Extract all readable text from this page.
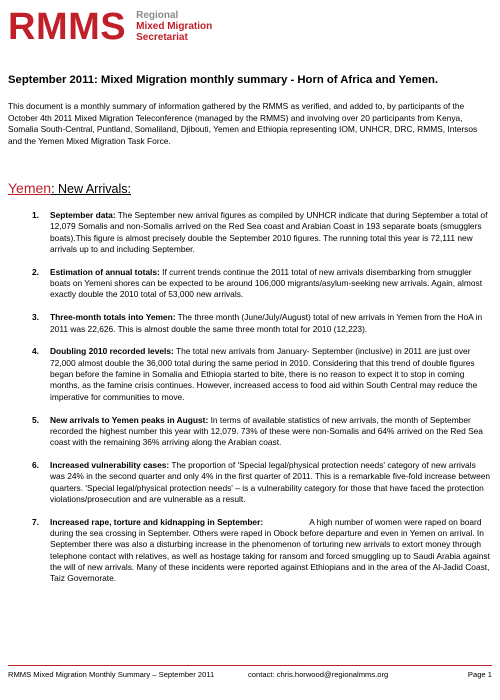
RMMS Regional
Mixed Migration
Secretariat
September 2011: Mixed Migration monthly summary - Horn of Africa and Yemen.
This document is a monthly summary of information gathered by the RMMS as verified, and added to, by participants of the October 4th 2011 Mixed Migration Teleconference (managed by the RMMS) and involving over 20 participants from Kenya, Somalia South-Central, Puntland, Somaliland, Djibouti, Yemen and Ethiopia representing IOM, UNHCR, DRC, RMMS, Intersos and the Yemen Mixed Migration Task Force.
Yemen: New Arrivals:
1.	September data: The September new arrival figures as compiled by UNHCR indicate that during September a total of 12,079 Somalis and non-Somalis arrived on the Red Sea coast and Arabian Coast in 193 separate boats (smugglers boats).This figure is almost precisely double the September 2010 figures. The running total this year is 72,111 new arrivals up to and including September.
2.	Estimation of annual totals: If current trends continue the 2011 total of new arrivals disembarking from smuggler boats on Yemeni shores can be expected to be around 106,000 migrants/asylum-seeking new arrivals. Again, almost exactly double the 2010 total of 53,000 new arrivals.
3.	Three-month totals into Yemen: The three month (June/July/August) total of new arrivals in Yemen from the HoA in 2011 was 22,626. This is almost double the same three month total for 2010 (12,223).
4.	Doubling 2010 recorded levels: The total new arrivals from January- September (inclusive) in 2011 are just over 72,000 almost double the 36,000 total during the same period in 2010. Considering that this trend of double figures began before the famine in Somalia and Ethiopia started to bite, there is no reason to expect it to stop in coming months, as the famine crisis continues. However, increased access to food aid within South Central may reduce the imperative for communities to move.
5.	New arrivals to Yemen peaks in August: In terms of available statistics of new arrivals, the month of September recorded the highest number this year with 12,079. 73% of these were non-Somalis and 64% arrived on the Red Sea coast with the remaining 36% arriving along the Arabian coast.
6.	Increased vulnerability cases: The proportion of 'Special legal/physical protection needs' category of new arrivals was 24% in the second quarter and only 4% in the first quarter of 2011. This is a remarkable five-fold increase between quarters. 'Special legal/physical protection needs' – is a vulnerability category for those that have faced the protection violations/prosecution and are vulnerable as a result.
7.	Increased rape, torture and kidnapping in September:                    A high number of women were raped on board during the sea crossing in September. Others were raped in Obock before departure and even in Yemen on arrival. In September there was also a disturbing increase in the phenomenon of torturing new arrivals to extort money through telephone contact with relatives, as well as hostage taking for ransom and forced smuggling up to Saudi Arabia against the will of new arrivals. Many of these incidents were reported against Ethiopians and in the area of the Al-Jadid Coast, Taiz Governorate.
RMMS Mixed Migration Monthly Summary – September 2011	contact: chris.horwood@regionalmms.org	Page 1
